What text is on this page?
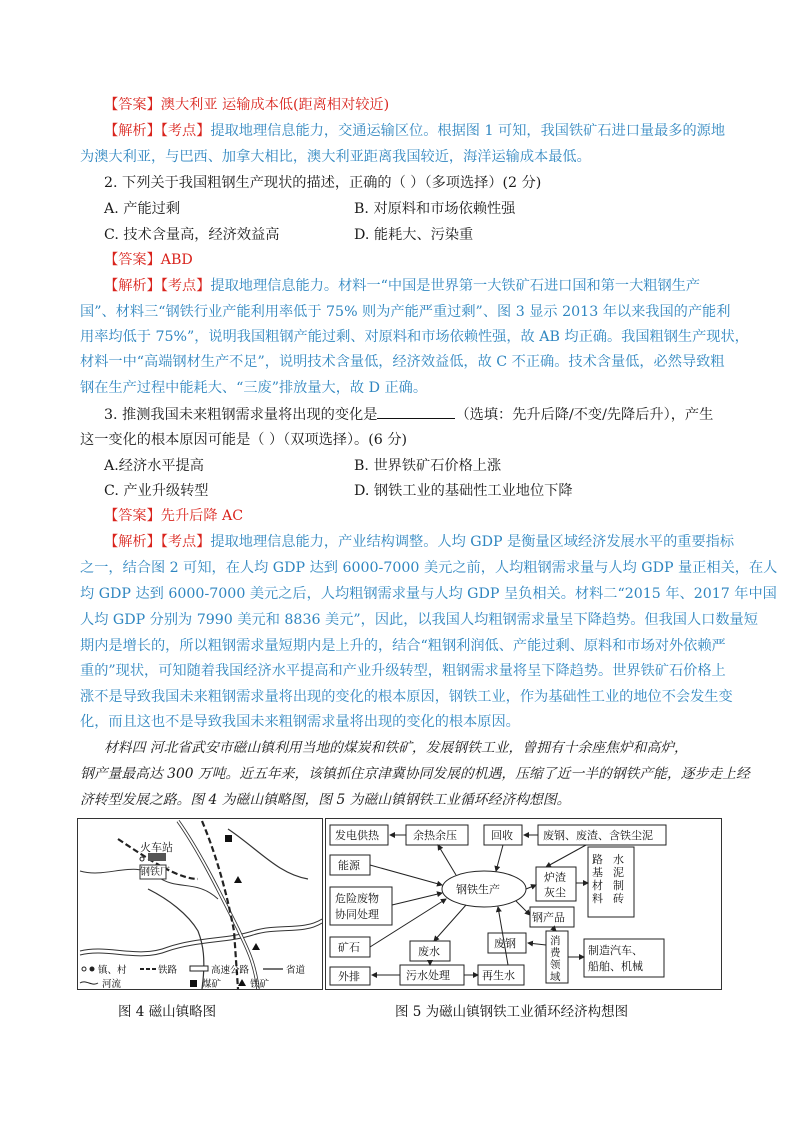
【答案】澳大利亚 运输成本低(距离相对较近)
【解析】【考点】提取地理信息能力，交通运输区位。根据图 1 可知，我国铁矿石进口量最多的源地
为澳大利亚，与巴西、加拿大相比，澳大利亚距离我国较近，海洋运输成本最低。
2. 下列关于我国粗钢生产现状的描述，正确的（ ）（多项选择）(2 分)
A. 产能过剩	B. 对原料和市场依赖性强
C. 技术含量高，经济效益高	D. 能耗大、污染重
【答案】ABD
【解析】【考点】提取地理信息能力。材料一“中国是世界第一大铁矿石进口国和第一大粗钢生产
国”、材料三“钢铁行业产能利用率低于 75% 则为产能严重过剩”、图 3 显示 2013 年以来我国的产能利
用率均低于 75%”，说明我国粗钢产能过剩、对原料和市场依赖性强，故 AB 均正确。我国粗钢生产现状，
材料一中“高端钢材生产不足”，说明技术含量低，经济效益低，故 C 不正确。技术含量低，必然导致粗
钢在生产过程中能耗大、“三废”排放量大，故 D 正确。
3. 推测我国未来粗钢需求量将出现的变化是	（选填：先升后降/不变/先降后升），产生
这一变化的根本原因可能是（ ）（双项选择）。(6 分)
A.经济水平提高	B. 世界铁矿石价格上涨
C. 产业升级转型	D. 钢铁工业的基础性工业地位下降
【答案】先升后降 AC
【解析】【考点】提取地理信息能力，产业结构调整。人均 GDP 是衡量区域经济发展水平的重要指标
之一，结合图 2 可知，在人均 GDP 达到 6000-7000 美元之前，人均粗钢需求量与人均 GDP 量正相关，在人
均 GDP 达到 6000-7000 美元之后，人均粗钢需求量与人均 GDP 呈负相关。材料二“2015 年、2017 年中国
人均 GDP 分别为 7990 美元和 8836 美元”，因此，以我国人均粗钢需求量呈下降趋势。但我国人口数量短
期内是增长的，所以粗钢需求量短期内是上升的，结合“粗钢利润低、产能过剩、原料和市场对外依赖严
重的”现状，可知随着我国经济水平提高和产业升级转型，粗钢需求量将呈下降趋势。世界铁矿石价格上
涨不是导致我国未来粗钢需求量将出现的变化的根本原因，钢铁工业，作为基础性工业的地位不会发生变
化，而且这也不是导致我国未来粗钢需求量将出现的变化的根本原因。
材料四 河北省武安市磁山镇利用当地的煤炭和铁矿，发展钢铁工业，曾拥有十余座焦炉和高炉，
钢产量最高达 300 万吨。近五年来，该镇抓住京津冀协同发展的机遇，压缩了近一半的钢铁产能，逐步走上经
济转型发展之路。图 4 为磁山镇略图，图 5 为磁山镇钢铁工业循环经济构想图。
火车站
钢铁厂
镇、村	铁路	高速公路	省道
河流	煤矿	铁矿
图 4 磁山镇略图
发电供热	余热余压	回收	废钢、废渣、含铁尘泥
能源
危险废物
协同处理
矿石
钢铁生产
炉渣
灰尘
钢产品
废水
废钢
制造汽车、
船舶、机械
外排	污水处理	再生水
路基材料
水泥制砖
消费领域
图 5 为磁山镇钢铁工业循环经济构想图
